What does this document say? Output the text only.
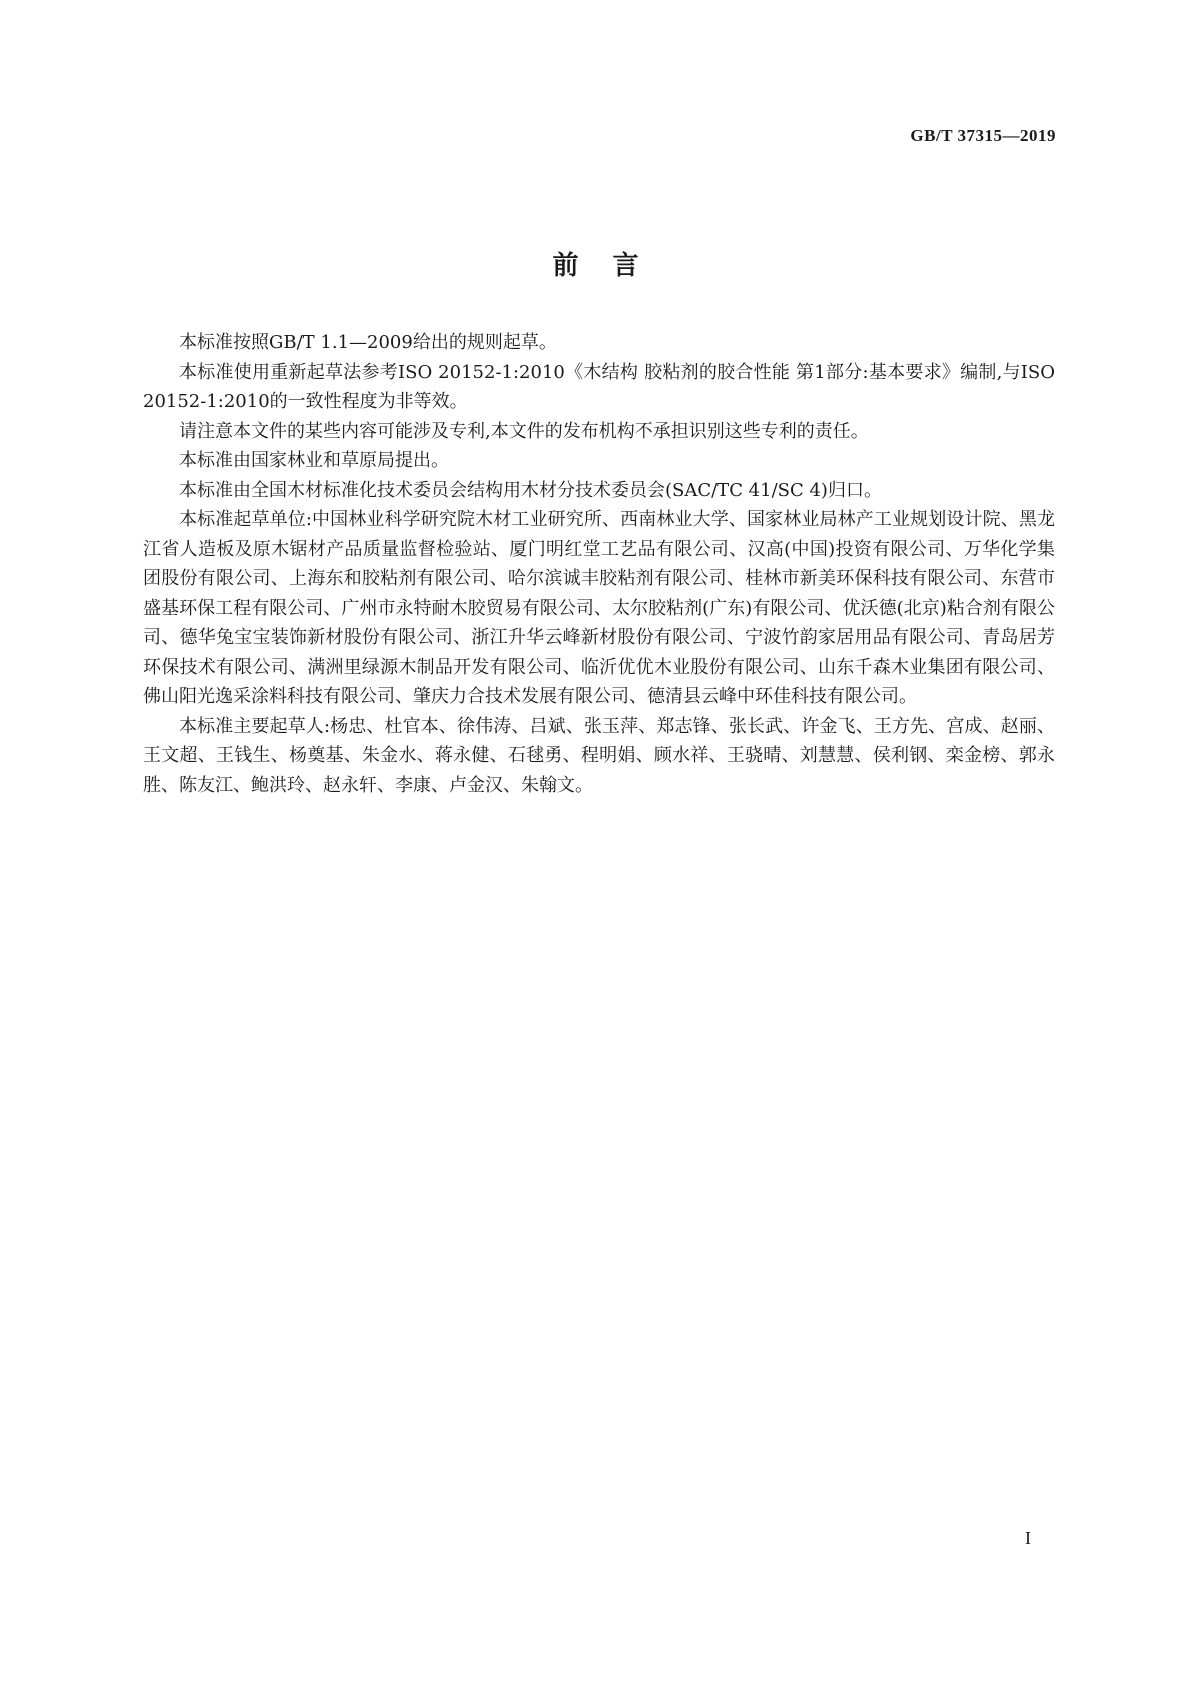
GB/T 37315—2019
前言

本标准按照GB/T 1.1—2009给出的规则起草。

本标准使用重新起草法参考ISO 20152-1:2010《木结构 胶粘剂的胶合性能 第1部分:基本要求》编制,与ISO 20152-1:2010的一致性程度为非等效。

请注意本文件的某些内容可能涉及专利,本文件的发布机构不承担识别这些专利的责任。

本标准由国家林业和草原局提出。

本标准由全国木材标准化技术委员会结构用木材分技术委员会(SAC/TC 41/SC 4)归口。

本标准起草单位:中国林业科学研究院木材工业研究所、西南林业大学、国家林业局林产工业规划设计院、黑龙江省人造板及原木锯材产品质量监督检验站、厦门明红堂工艺品有限公司、汉高(中国)投资有限公司、万华化学集团股份有限公司、上海东和胶粘剂有限公司、哈尔滨诚丰胶粘剂有限公司、桂林市新美环保科技有限公司、东营市盛基环保工程有限公司、广州市永特耐木胶贸易有限公司、太尔胶粘剂(广东)有限公司、优沃德(北京)粘合剂有限公司、德华兔宝宝装饰新材股份有限公司、浙江升华云峰新材股份有限公司、宁波竹韵家居用品有限公司、青岛居芳环保技术有限公司、满洲里绿源木制品开发有限公司、临沂优优木业股份有限公司、山东千森木业集团有限公司、佛山阳光逸采涂料科技有限公司、肇庆力合技术发展有限公司、德清县云峰中环佳科技有限公司。

本标准主要起草人:杨忠、杜官本、徐伟涛、吕斌、张玉萍、郑志锋、张长武、许金飞、王方先、宫成、赵丽、王文超、王钱生、杨奠基、朱金水、蒋永健、石毬勇、程明娟、顾水祥、王骁晴、刘慧慧、侯利钢、栾金榜、郭永胜、陈友江、鲍洪玲、赵永轩、李康、卢金汉、朱翰文。

I
